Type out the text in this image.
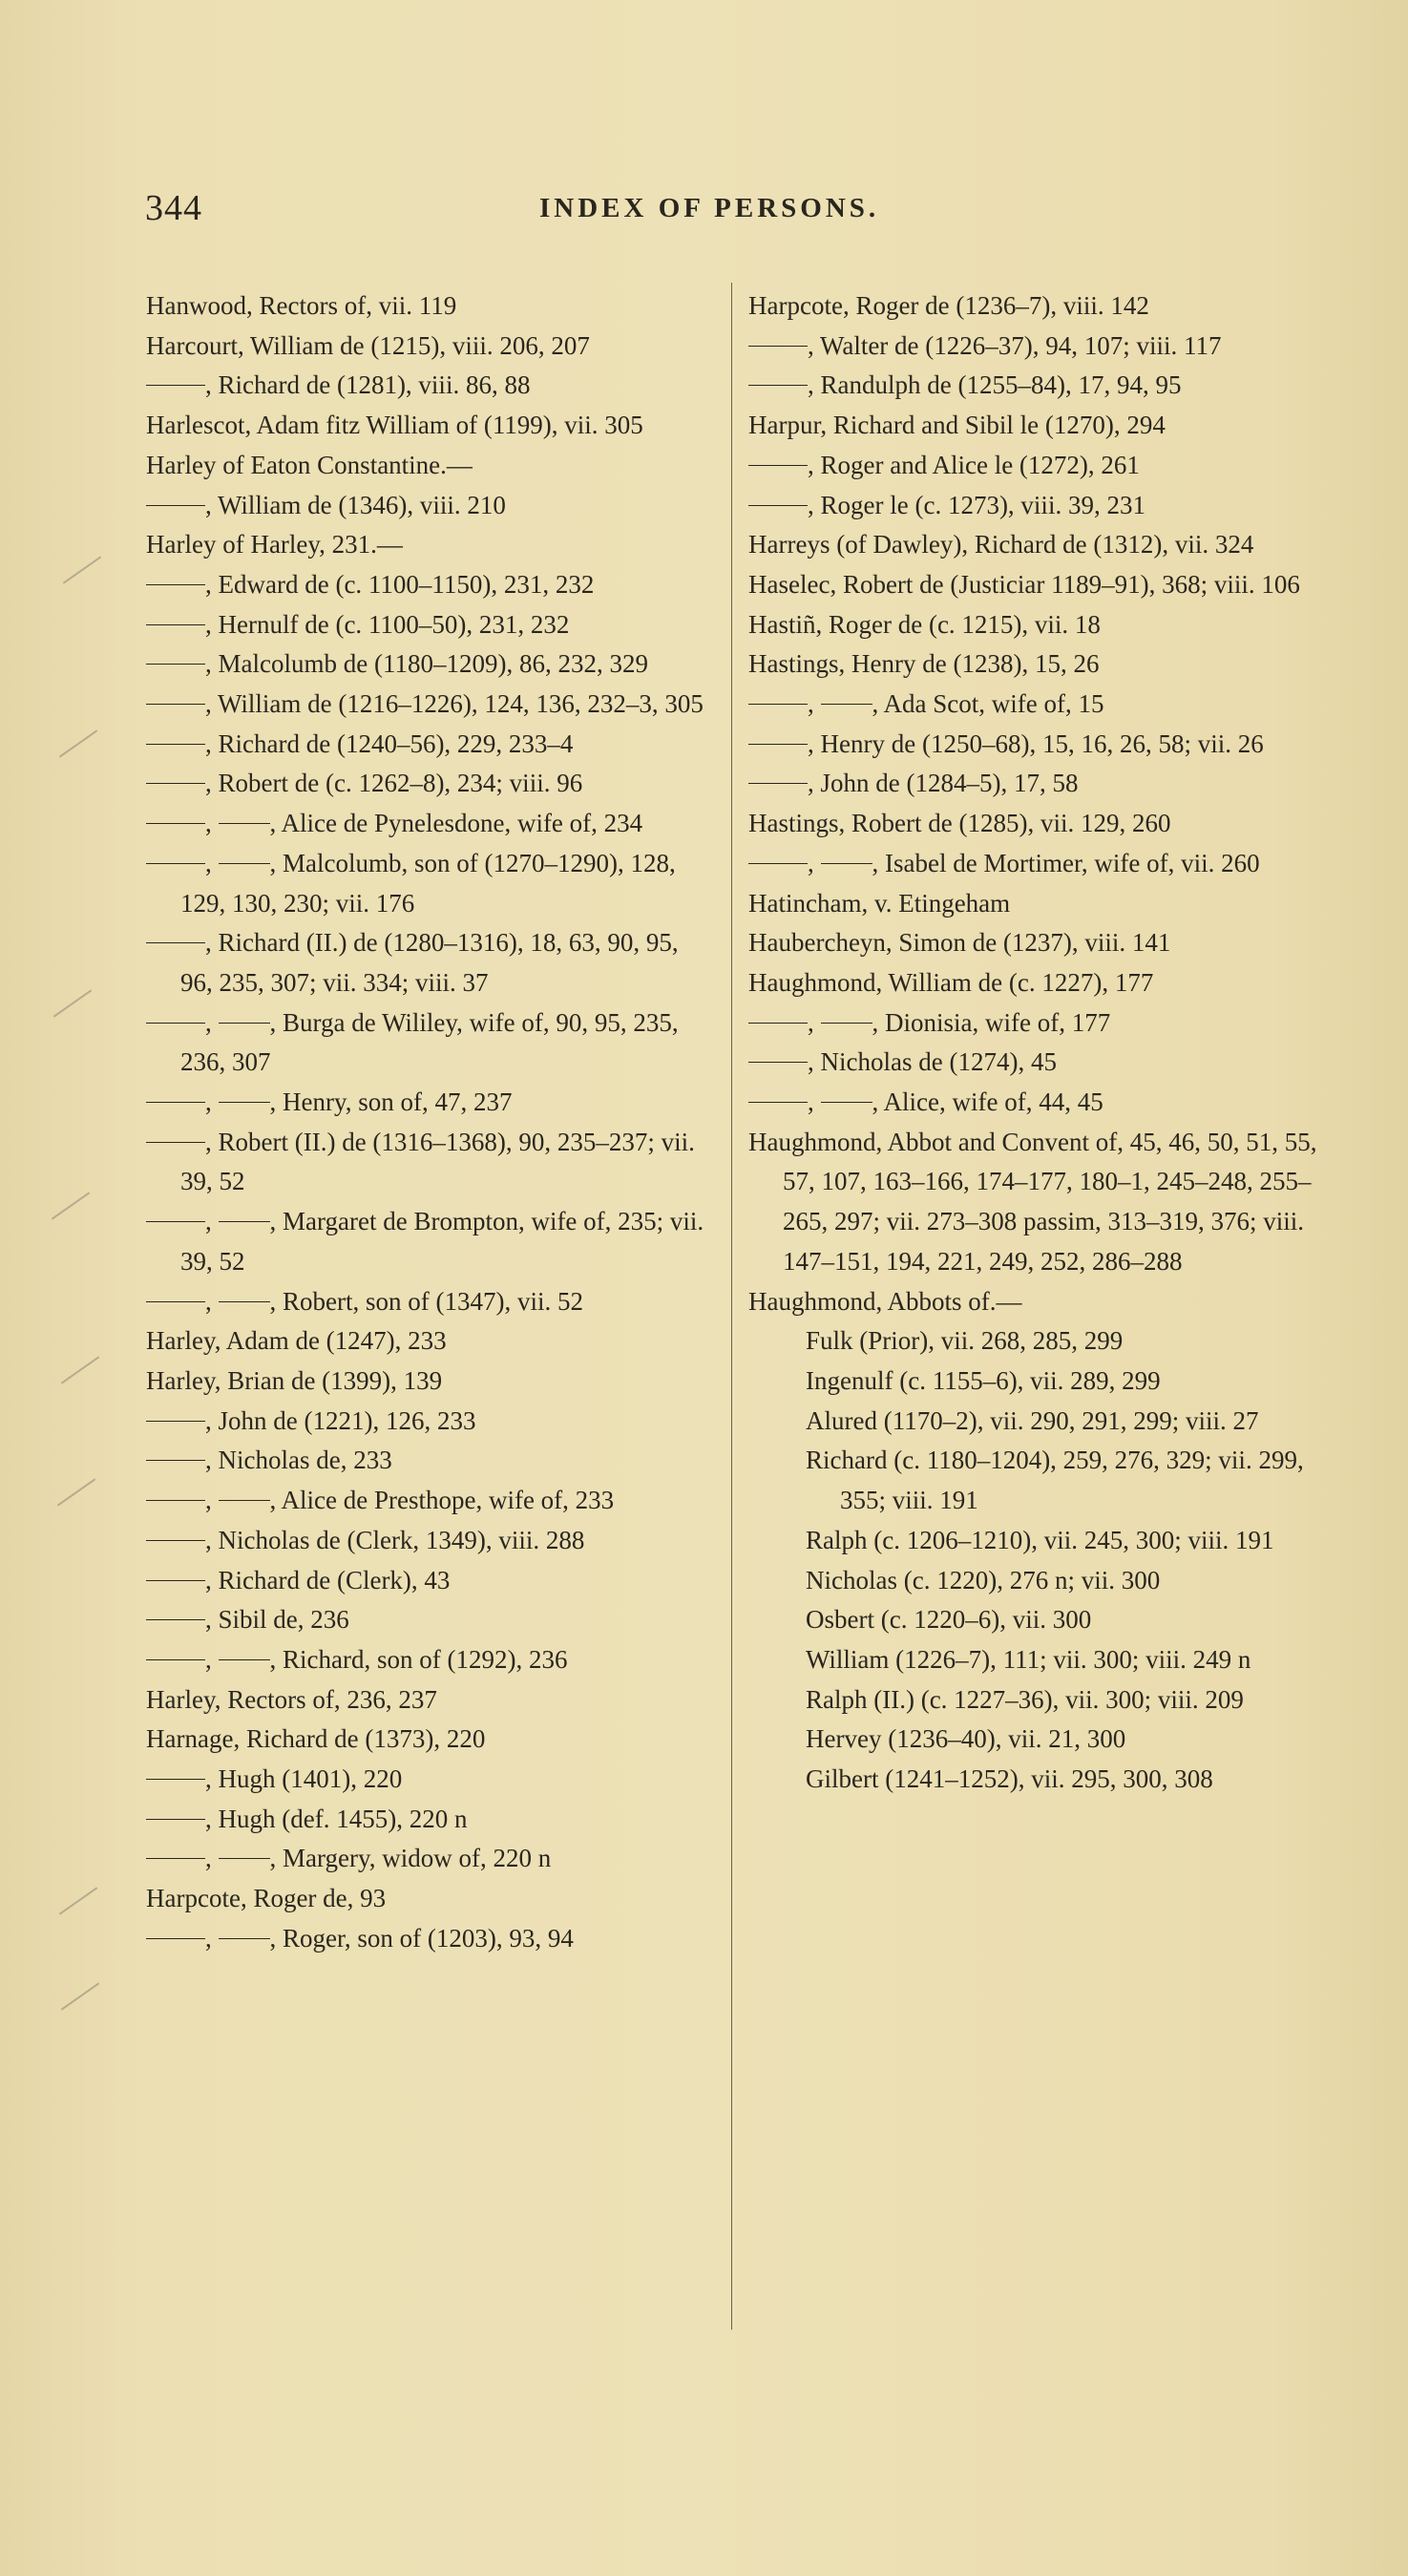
344	INDEX OF PERSONS.

Hanwood, Rectors of, vii. 119

Harcourt, William de (1215), viii. 206, 207

, Richard de (1281), viii. 86, 88

Harlescot, Adam fitz William of (1199), vii. 305

Harley of Eaton Constantine.—

, William de (1346), viii. 210

Harley of Harley, 231.—

, Edward de (c. 1100–1150), 231, 232

, Hernulf de (c. 1100–50), 231, 232

, Malcolumb de (1180–1209), 86, 232, 329

, William de (1216–1226), 124, 136, 232–3, 305

, Richard de (1240–56), 229, 233–4

, Robert de (c. 1262–8), 234; viii. 96

, , Alice de Pynelesdone, wife of, 234

, , Malcolumb, son of (1270–1290), 128, 129, 130, 230; vii. 176

, Richard (II.) de (1280–1316), 18, 63, 90, 95, 96, 235, 307; vii. 334; viii. 37

, , Burga de Wililey, wife of, 90, 95, 235, 236, 307

, , Henry, son of, 47, 237

, Robert (II.) de (1316–1368), 90, 235–237; vii. 39, 52

, , Margaret de Brompton, wife of, 235; vii. 39, 52

, , Robert, son of (1347), vii. 52

Harley, Adam de (1247), 233

Harley, Brian de (1399), 139

, John de (1221), 126, 233

, Nicholas de, 233

, , Alice de Presthope, wife of, 233

, Nicholas de (Clerk, 1349), viii. 288

, Richard de (Clerk), 43

, Sibil de, 236

, , Richard, son of (1292), 236

Harley, Rectors of, 236, 237

Harnage, Richard de (1373), 220

, Hugh (1401), 220

, Hugh (def. 1455), 220 n

, , Margery, widow of, 220 n

Harpcote, Roger de, 93

, , Roger, son of (1203), 93, 94

Harpcote, Roger de (1236–7), viii. 142

, Walter de (1226–37), 94, 107; viii. 117

, Randulph de (1255–84), 17, 94, 95

Harpur, Richard and Sibil le (1270), 294

, Roger and Alice le (1272), 261

, Roger le (c. 1273), viii. 39, 231

Harreys (of Dawley), Richard de (1312), vii. 324

Haselec, Robert de (Justiciar 1189–91), 368; viii. 106

Hastiñ, Roger de (c. 1215), vii. 18

Hastings, Henry de (1238), 15, 26

, , Ada Scot, wife of, 15

, Henry de (1250–68), 15, 16, 26, 58; vii. 26

, John de (1284–5), 17, 58

Hastings, Robert de (1285), vii. 129, 260

, , Isabel de Mortimer, wife of, vii. 260

Hatincham, v. Etingeham

Haubercheyn, Simon de (1237), viii. 141

Haughmond, William de (c. 1227), 177

, , Dionisia, wife of, 177

, Nicholas de (1274), 45

, , Alice, wife of, 44, 45

Haughmond, Abbot and Convent of, 45, 46, 50, 51, 55, 57, 107, 163–166, 174–177, 180–1, 245–248, 255–265, 297; vii. 273–308 passim, 313–319, 376; viii. 147–151, 194, 221, 249, 252, 286–288

Haughmond, Abbots of.—

Fulk (Prior), vii. 268, 285, 299

Ingenulf (c. 1155–6), vii. 289, 299

Alured (1170–2), vii. 290, 291, 299; viii. 27

Richard (c. 1180–1204), 259, 276, 329; vii. 299, 355; viii. 191

Ralph (c. 1206–1210), vii. 245, 300; viii. 191

Nicholas (c. 1220), 276 n; vii. 300

Osbert (c. 1220–6), vii. 300

William (1226–7), 111; vii. 300; viii. 249 n

Ralph (II.) (c. 1227–36), vii. 300; viii. 209

Hervey (1236–40), vii. 21, 300

Gilbert (1241–1252), vii. 295, 300, 308
